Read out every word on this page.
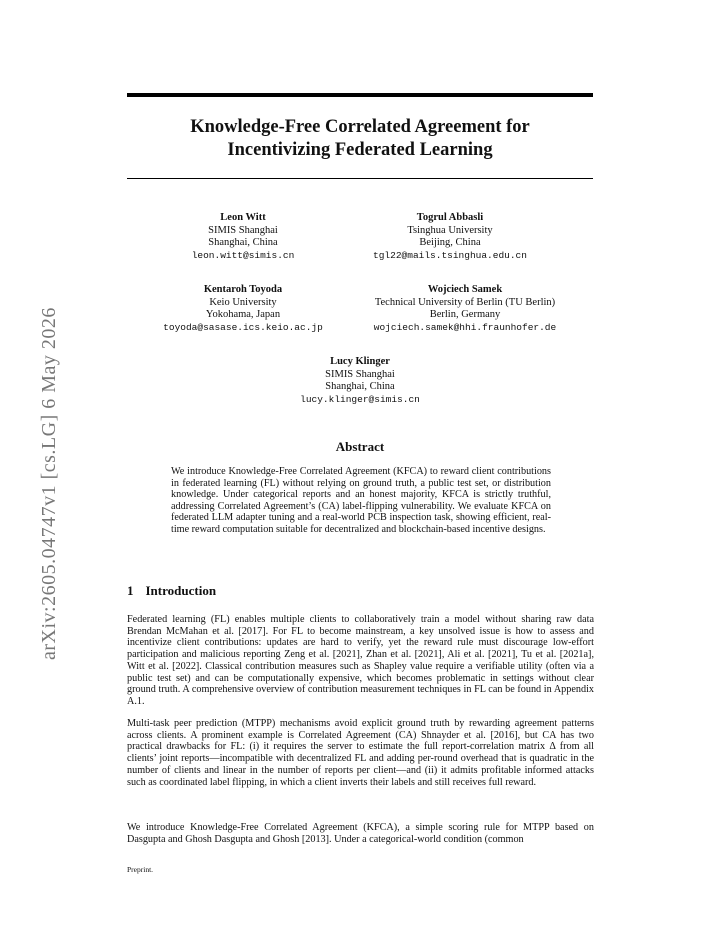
arXiv:2605.04747v1 [cs.LG] 6 May 2026
Knowledge-Free Correlated Agreement for
Incentivizing Federated Learning
Leon Witt
SIMIS Shanghai
Shanghai, China
leon.witt@simis.cn
Togrul Abbasli
Tsinghua University
Beijing, China
tgl22@mails.tsinghua.edu.cn
Kentaroh Toyoda
Keio University
Yokohama, Japan
toyoda@sasase.ics.keio.ac.jp
Wojciech Samek
Technical University of Berlin (TU Berlin)
Berlin, Germany
wojciech.samek@hhi.fraunhofer.de
Lucy Klinger
SIMIS Shanghai
Shanghai, China
lucy.klinger@simis.cn
Abstract
We introduce Knowledge-Free Correlated Agreement (KFCA) to reward client contributions in federated learning (FL) without relying on ground truth, a public test set, or distribution knowledge. Under categorical reports and an honest majority, KFCA is strictly truthful, addressing Correlated Agreement’s (CA) label-flipping vulnerability. We evaluate KFCA on federated LLM adapter tuning and a real-world PCB inspection task, showing efficient, real-time reward computation suitable for decentralized and blockchain-based incentive designs.
1 Introduction
Federated learning (FL) enables multiple clients to collaboratively train a model without sharing raw data Brendan McMahan et al. [2017]. For FL to become mainstream, a key unsolved issue is how to assess and incentivize client contributions: updates are hard to verify, yet the reward rule must discourage low-effort participation and malicious reporting Zeng et al. [2021], Zhan et al. [2021], Ali et al. [2021], Tu et al. [2021a], Witt et al. [2022]. Classical contribution measures such as Shapley value require a verifiable utility (often via a public test set) and can be computationally expensive, which becomes problematic in settings without clear ground truth. A comprehensive overview of contribution measurement techniques in FL can be found in Appendix A.1.
Multi-task peer prediction (MTPP) mechanisms avoid explicit ground truth by rewarding agreement patterns across clients. A prominent example is Correlated Agreement (CA) Shnayder et al. [2016], but CA has two practical drawbacks for FL: (i) it requires the server to estimate the full report-correlation matrix Δ from all clients’ joint reports—incompatible with decentralized FL and adding per-round overhead that is quadratic in the number of clients and linear in the number of reports per client—and (ii) it admits profitable informed attacks such as coordinated label flipping, in which a client inverts their labels and still receives full reward.
We introduce Knowledge-Free Correlated Agreement (KFCA), a simple scoring rule for MTPP based on Dasgupta and Ghosh Dasgupta and Ghosh [2013]. Under a categorical-world condition (common
Preprint.
